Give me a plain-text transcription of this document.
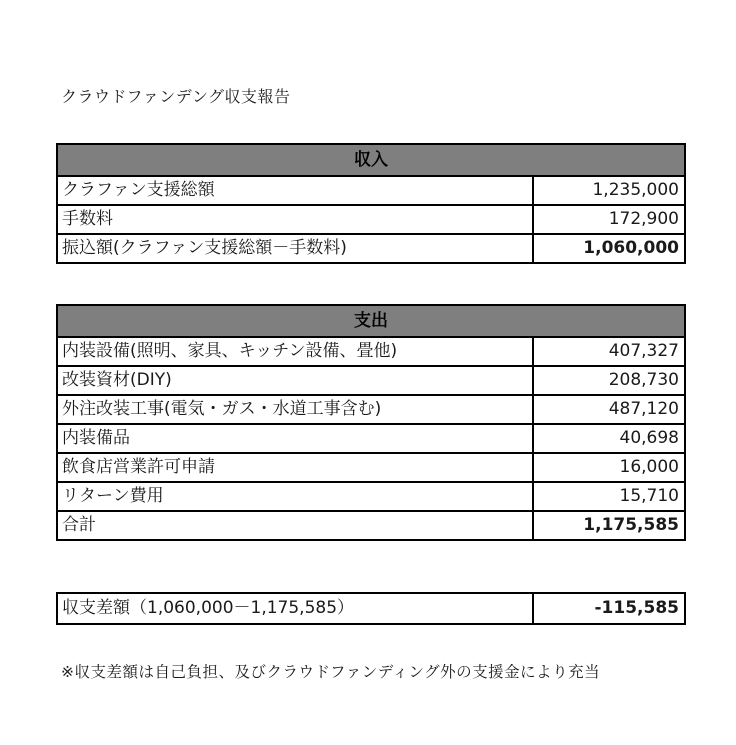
クラウドファンデング収支報告
収入	
クラファン支援総額	1,235,000
手数料	172,900
振込額(クラファン支援総額－手数料)	1,060,000
支出	
内装設備(照明、家具、キッチン設備、畳他)	407,327
改装資材(DIY)	208,730
外注改装工事(電気・ガス・水道工事含む)	487,120
内装備品	40,698
飲食店営業許可申請	16,000
リターン費用	15,710
合計	1,175,585
収支差額（1,060,000－1,175,585）	-115,585
※収支差額は自己負担、及びクラウドファンディング外の支援金により充当
